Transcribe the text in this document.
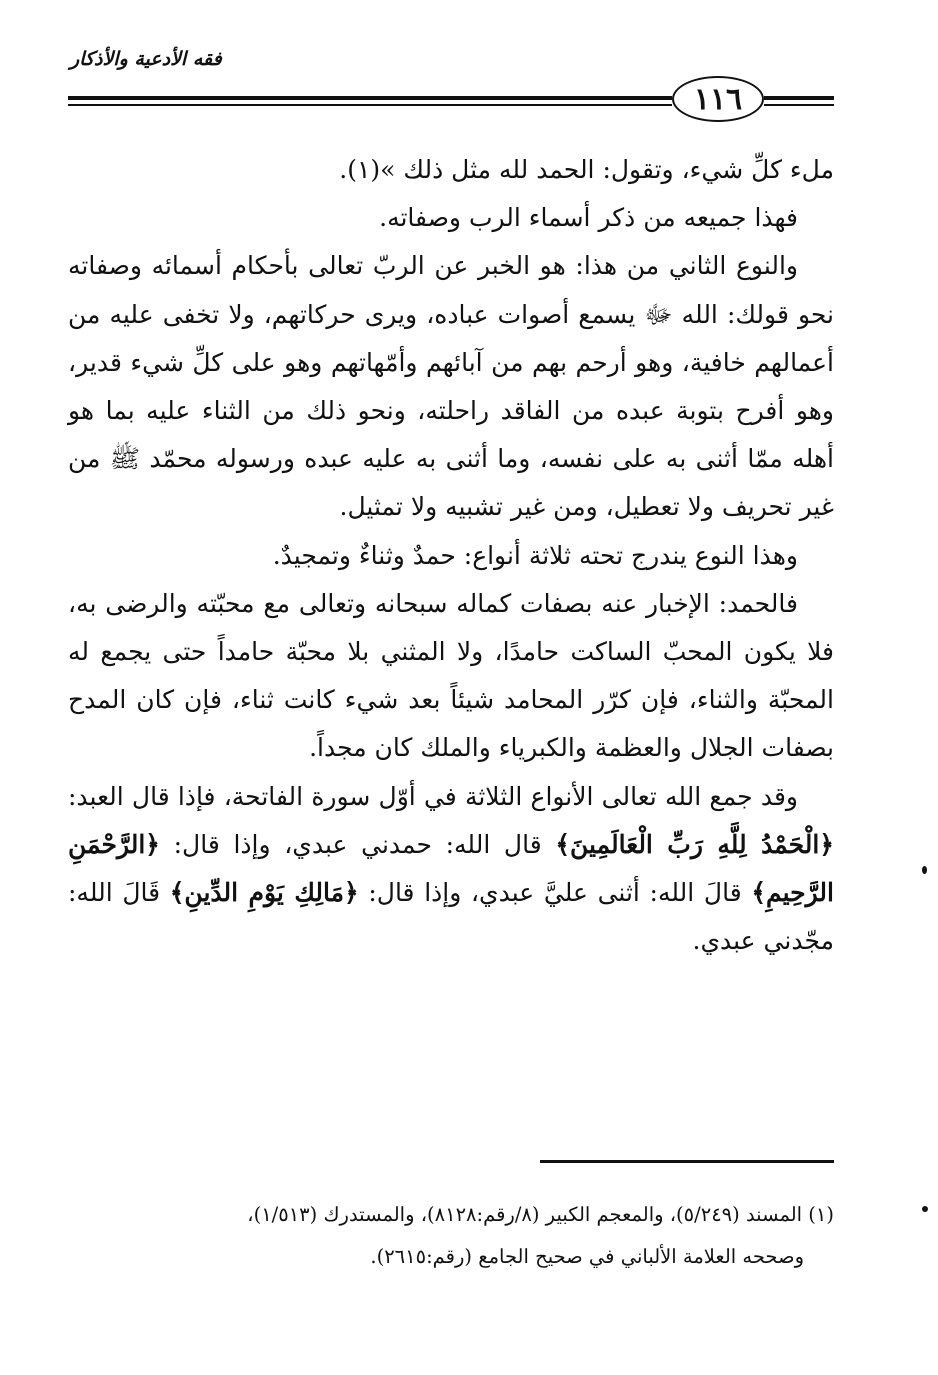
فقه الأدعية والأذكار
١١٦

ملء كلِّ شيء، وتقول: الحمد لله مثل ذلك »(١).

فهذا جميعه من ذكر أسماء الرب وصفاته.

والنوع الثاني من هذا: هو الخبر عن الربّ تعالى بأحكام أسمائه وصفاته نحو قولك: الله ﷻ يسمع أصوات عباده، ويرى حركاتهم، ولا تخفى عليه من أعمالهم خافية، وهو أرحم بهم من آبائهم وأمّهاتهم وهو على كلِّ شيء قدير، وهو أفرح بتوبة عبده من الفاقد راحلته، ونحو ذلك من الثناء عليه بما هو أهله ممّا أثنى به على نفسه، وما أثنى به عليه عبده ورسوله محمّد ﷺ من غير تحريف ولا تعطيل، ومن غير تشبيه ولا تمثيل.

وهذا النوع يندرج تحته ثلاثة أنواع: حمدٌ وثناءٌ وتمجيدٌ.

فالحمد: الإخبار عنه بصفات كماله سبحانه وتعالى مع محبّته والرضى به، فلا يكون المحبّ الساكت حامدًا، ولا المثني بلا محبّة حامداً حتى يجمع له المحبّة والثناء، فإن كرّر المحامد شيئاً بعد شيء كانت ثناء، فإن كان المدح بصفات الجلال والعظمة والكبرياء والملك كان مجداً.

وقد جمع الله تعالى الأنواع الثلاثة في أوّل سورة الفاتحة، فإذا قال العبد: ﴿الْحَمْدُ لِلَّهِ رَبِّ الْعَالَمِينَ﴾ قال الله: حمدني عبدي، وإذا قال: ﴿الرَّحْمَنِ الرَّحِيمِ﴾ قالَ الله: أثنى عليَّ عبدي، وإذا قال: ﴿مَالِكِ يَوْمِ الدِّينِ﴾ قَالَ الله: مجّدني عبدي.

(١) المسند (٥/٢٤٩)، والمعجم الكبير (٨/رقم:٨١٢٨)، والمستدرك (١/٥١٣)،

وصححه العلامة الألباني في صحيح الجامع (رقم:٢٦١٥).
